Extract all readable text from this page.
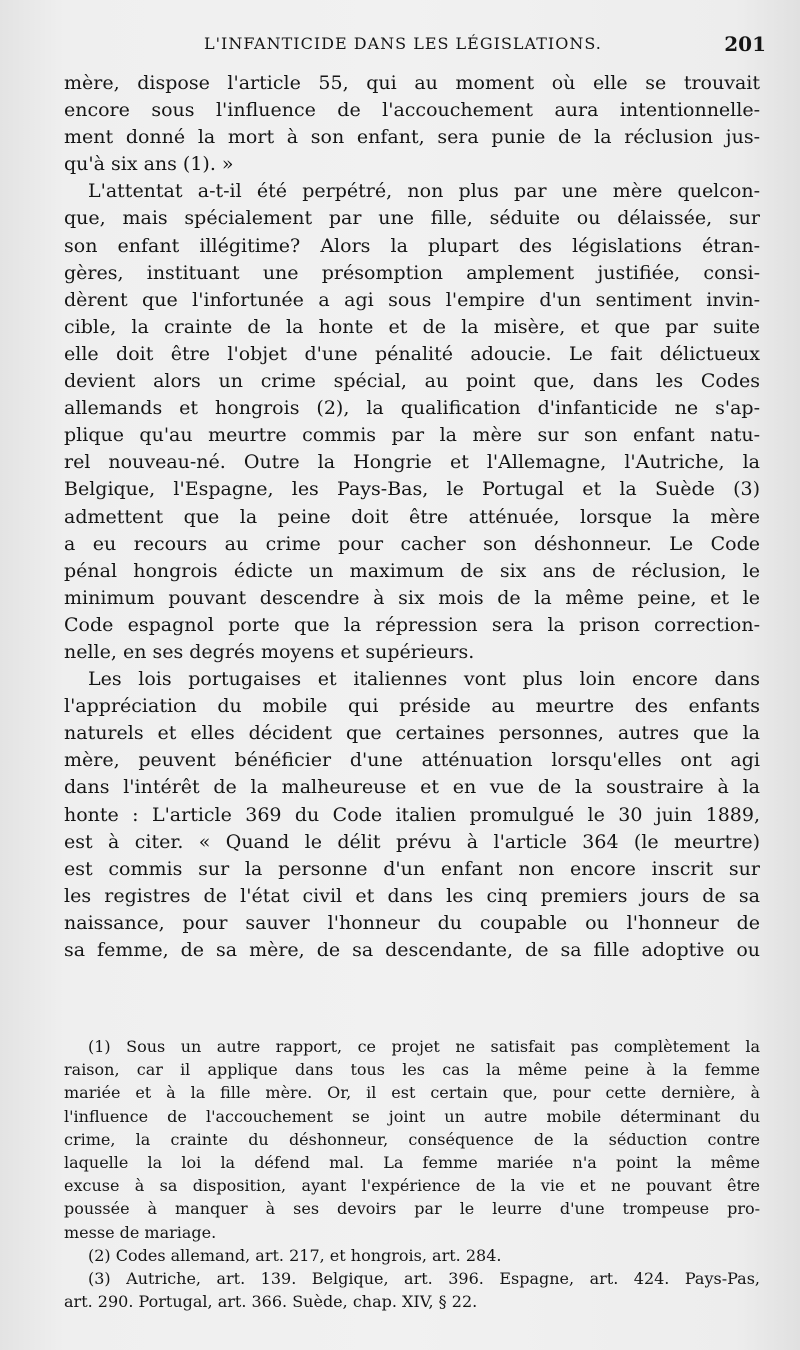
L'INFANTICIDE DANS LES LÉGISLATIONS.	201
mère, dispose l'article 55, qui au moment où elle se trouvait
encore sous l'influence de l'accouchement aura intentionnelle-
ment donné la mort à son enfant, sera punie de la réclusion jus-
qu'à six ans (1). »
L'attentat a-t-il été perpétré, non plus par une mère quelcon-
que, mais spécialement par une fille, séduite ou délaissée, sur
son enfant illégitime? Alors la plupart des législations étran-
gères, instituant une présomption amplement justifiée, consi-
dèrent que l'infortunée a agi sous l'empire d'un sentiment invin-
cible, la crainte de la honte et de la misère, et que par suite
elle doit être l'objet d'une pénalité adoucie. Le fait délictueux
devient alors un crime spécial, au point que, dans les Codes
allemands et hongrois (2), la qualification d'infanticide ne s'ap-
plique qu'au meurtre commis par la mère sur son enfant natu-
rel nouveau-né. Outre la Hongrie et l'Allemagne, l'Autriche, la
Belgique, l'Espagne, les Pays-Bas, le Portugal et la Suède (3)
admettent que la peine doit être atténuée, lorsque la mère
a eu recours au crime pour cacher son déshonneur. Le Code
pénal hongrois édicte un maximum de six ans de réclusion, le
minimum pouvant descendre à six mois de la même peine, et le
Code espagnol porte que la répression sera la prison correction-
nelle, en ses degrés moyens et supérieurs.
Les lois portugaises et italiennes vont plus loin encore dans
l'appréciation du mobile qui préside au meurtre des enfants
naturels et elles décident que certaines personnes, autres que la
mère, peuvent bénéficier d'une atténuation lorsqu'elles ont agi
dans l'intérêt de la malheureuse et en vue de la soustraire à la
honte : L'article 369 du Code italien promulgué le 30 juin 1889,
est à citer. « Quand le délit prévu à l'article 364 (le meurtre)
est commis sur la personne d'un enfant non encore inscrit sur
les registres de l'état civil et dans les cinq premiers jours de sa
naissance, pour sauver l'honneur du coupable ou l'honneur de
sa femme, de sa mère, de sa descendante, de sa fille adoptive ou
(1) Sous un autre rapport, ce projet ne satisfait pas complètement la
raison, car il applique dans tous les cas la même peine à la femme
mariée et à la fille mère. Or, il est certain que, pour cette dernière, à
l'influence de l'accouchement se joint un autre mobile déterminant du
crime, la crainte du déshonneur, conséquence de la séduction contre
laquelle la loi la défend mal. La femme mariée n'a point la même
excuse à sa disposition, ayant l'expérience de la vie et ne pouvant être
poussée à manquer à ses devoirs par le leurre d'une trompeuse pro-
messe de mariage.
(2) Codes allemand, art. 217, et hongrois, art. 284.
(3) Autriche, art. 139. Belgique, art. 396. Espagne, art. 424. Pays-Pas,
art. 290. Portugal, art. 366. Suède, chap. XIV, § 22.
